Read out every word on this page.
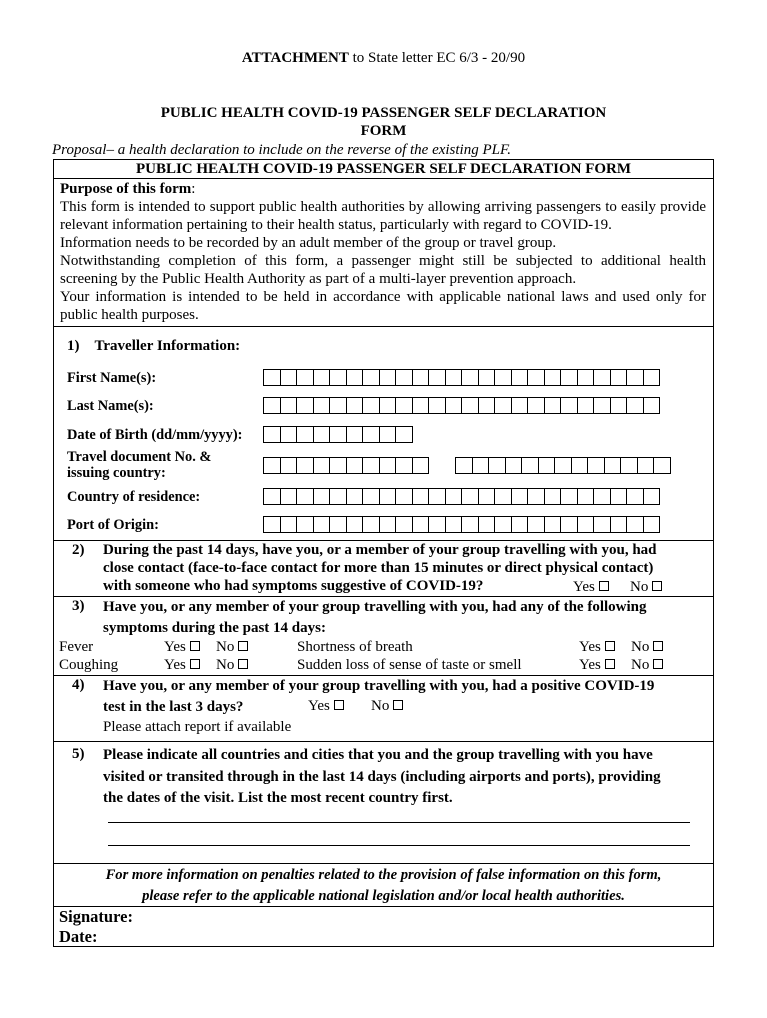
ATTACHMENT to State letter EC 6/3 - 20/90
PUBLIC HEALTH COVID-19 PASSENGER SELF DECLARATION
FORM
Proposal– a health declaration to include on the reverse of the existing PLF.
PUBLIC HEALTH COVID-19 PASSENGER SELF DECLARATION FORM
Purpose of this form:
This form is intended to support public health authorities by allowing arriving passengers to easily provide relevant information pertaining to their health status, particularly with regard to COVID-19.
Information needs to be recorded by an adult member of the group or travel group.
Notwithstanding completion of this form, a passenger might still be subjected to additional health screening by the Public Health Authority as part of a multi-layer prevention approach.
Your information is intended to be held in accordance with applicable national laws and used only for public health purposes.
1) Traveller Information:
First Name(s):
Last Name(s):
Date of Birth (dd/mm/yyyy):
Travel document No. &
issuing country:
Country of residence:
Port of Origin:
2) During the past 14 days, have you, or a member of your group travelling with you, had
close contact (face-to-face contact for more than 15 minutes or direct physical contact)
with someone who had symptoms suggestive of COVID-19?	Yes	No
3) Have you, or any member of your group travelling with you, had any of the following
symptoms during the past 14 days:
Fever	Yes	No	Shortness of breath	Yes	No
Coughing	Yes	No	Sudden loss of sense of taste or smell	Yes	No
4) Have you, or any member of your group travelling with you, had a positive COVID-19
test in the last 3 days?	Yes	No
Please attach report if available
5) Please indicate all countries and cities that you and the group travelling with you have
visited or transited through in the last 14 days (including airports and ports), providing
the dates of the visit. List the most recent country first.
For more information on penalties related to the provision of false information on this form,
please refer to the applicable national legislation and/or local health authorities.
Signature:
Date:
